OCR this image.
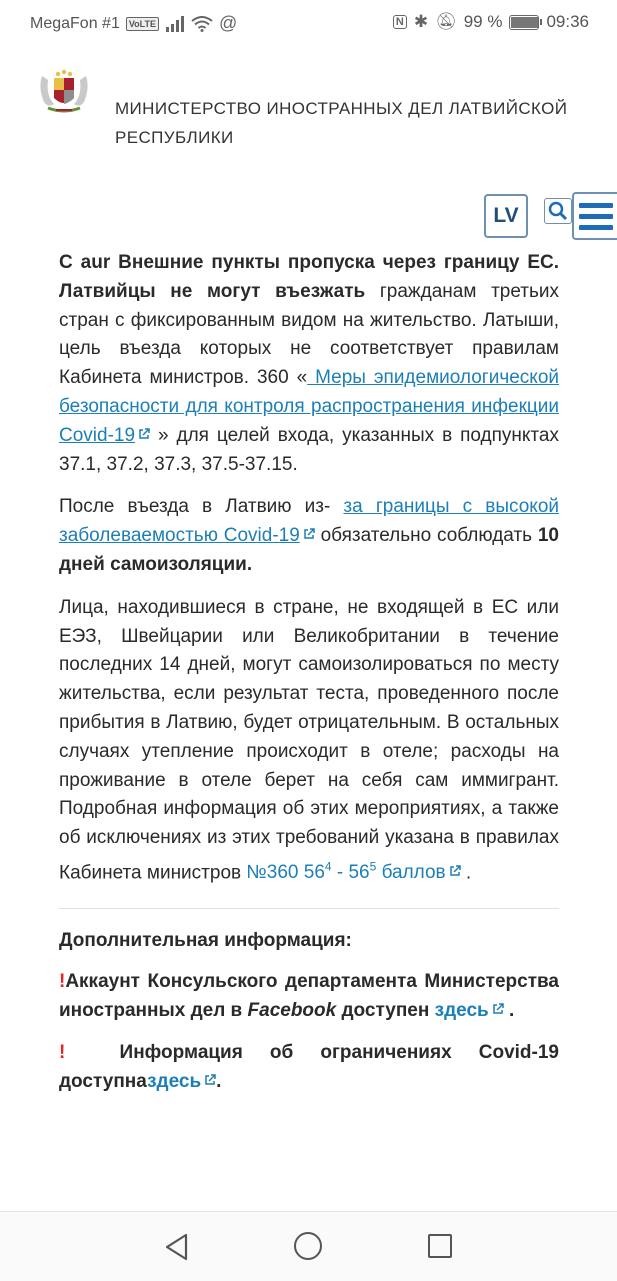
MegaFon #1	VoLTE	@	N ✱ 🔕︎ 99 %	09:36
МИНИСТЕРСТВО ИНОСТРАННЫХ ДЕЛ ЛАТВИЙСКОЙ РЕСПУБЛИКИ
LV

С aur Внешние пункты пропуска через границу ЕС. Латвийцы не могут въезжать гражданам третьих стран с фиксированным видом на жительство. Латыши, цель въезда которых не соответствует правилам Кабинета министров. 360 « Меры эпидемиологической безопасности для контроля распространения инфекции Covid-19 » для целей входа, указанных в подпунктах 37.1, 37.2, 37.3, 37.5-37.15.

После въезда в Латвию из- за границы с высокой заболеваемостью Covid-19 обязательно соблюдать 10 дней самоизоляции.

Лица, находившиеся в стране, не входящей в ЕС или ЕЭЗ, Швейцарии или Великобритании в течение последних 14 дней, могут самоизолироваться по месту жительства, если результат теста, проведенного после прибытия в Латвию, будет отрицательным. В остальных случаях утепление происходит в отеле; расходы на проживание в отеле берет на себя сам иммигрант. Подробная информация об этих мероприятиях, а также об исключениях из этих требований указана в правилах Кабинета министров №360 $56^4 - 56^5$ баллов .

Дополнительная информация:

!Аккаунт Консульского департамента Министерства иностранных дел в Facebook доступен здесь .

!  Информация об ограничениях Covid-19 доступназдесь .
